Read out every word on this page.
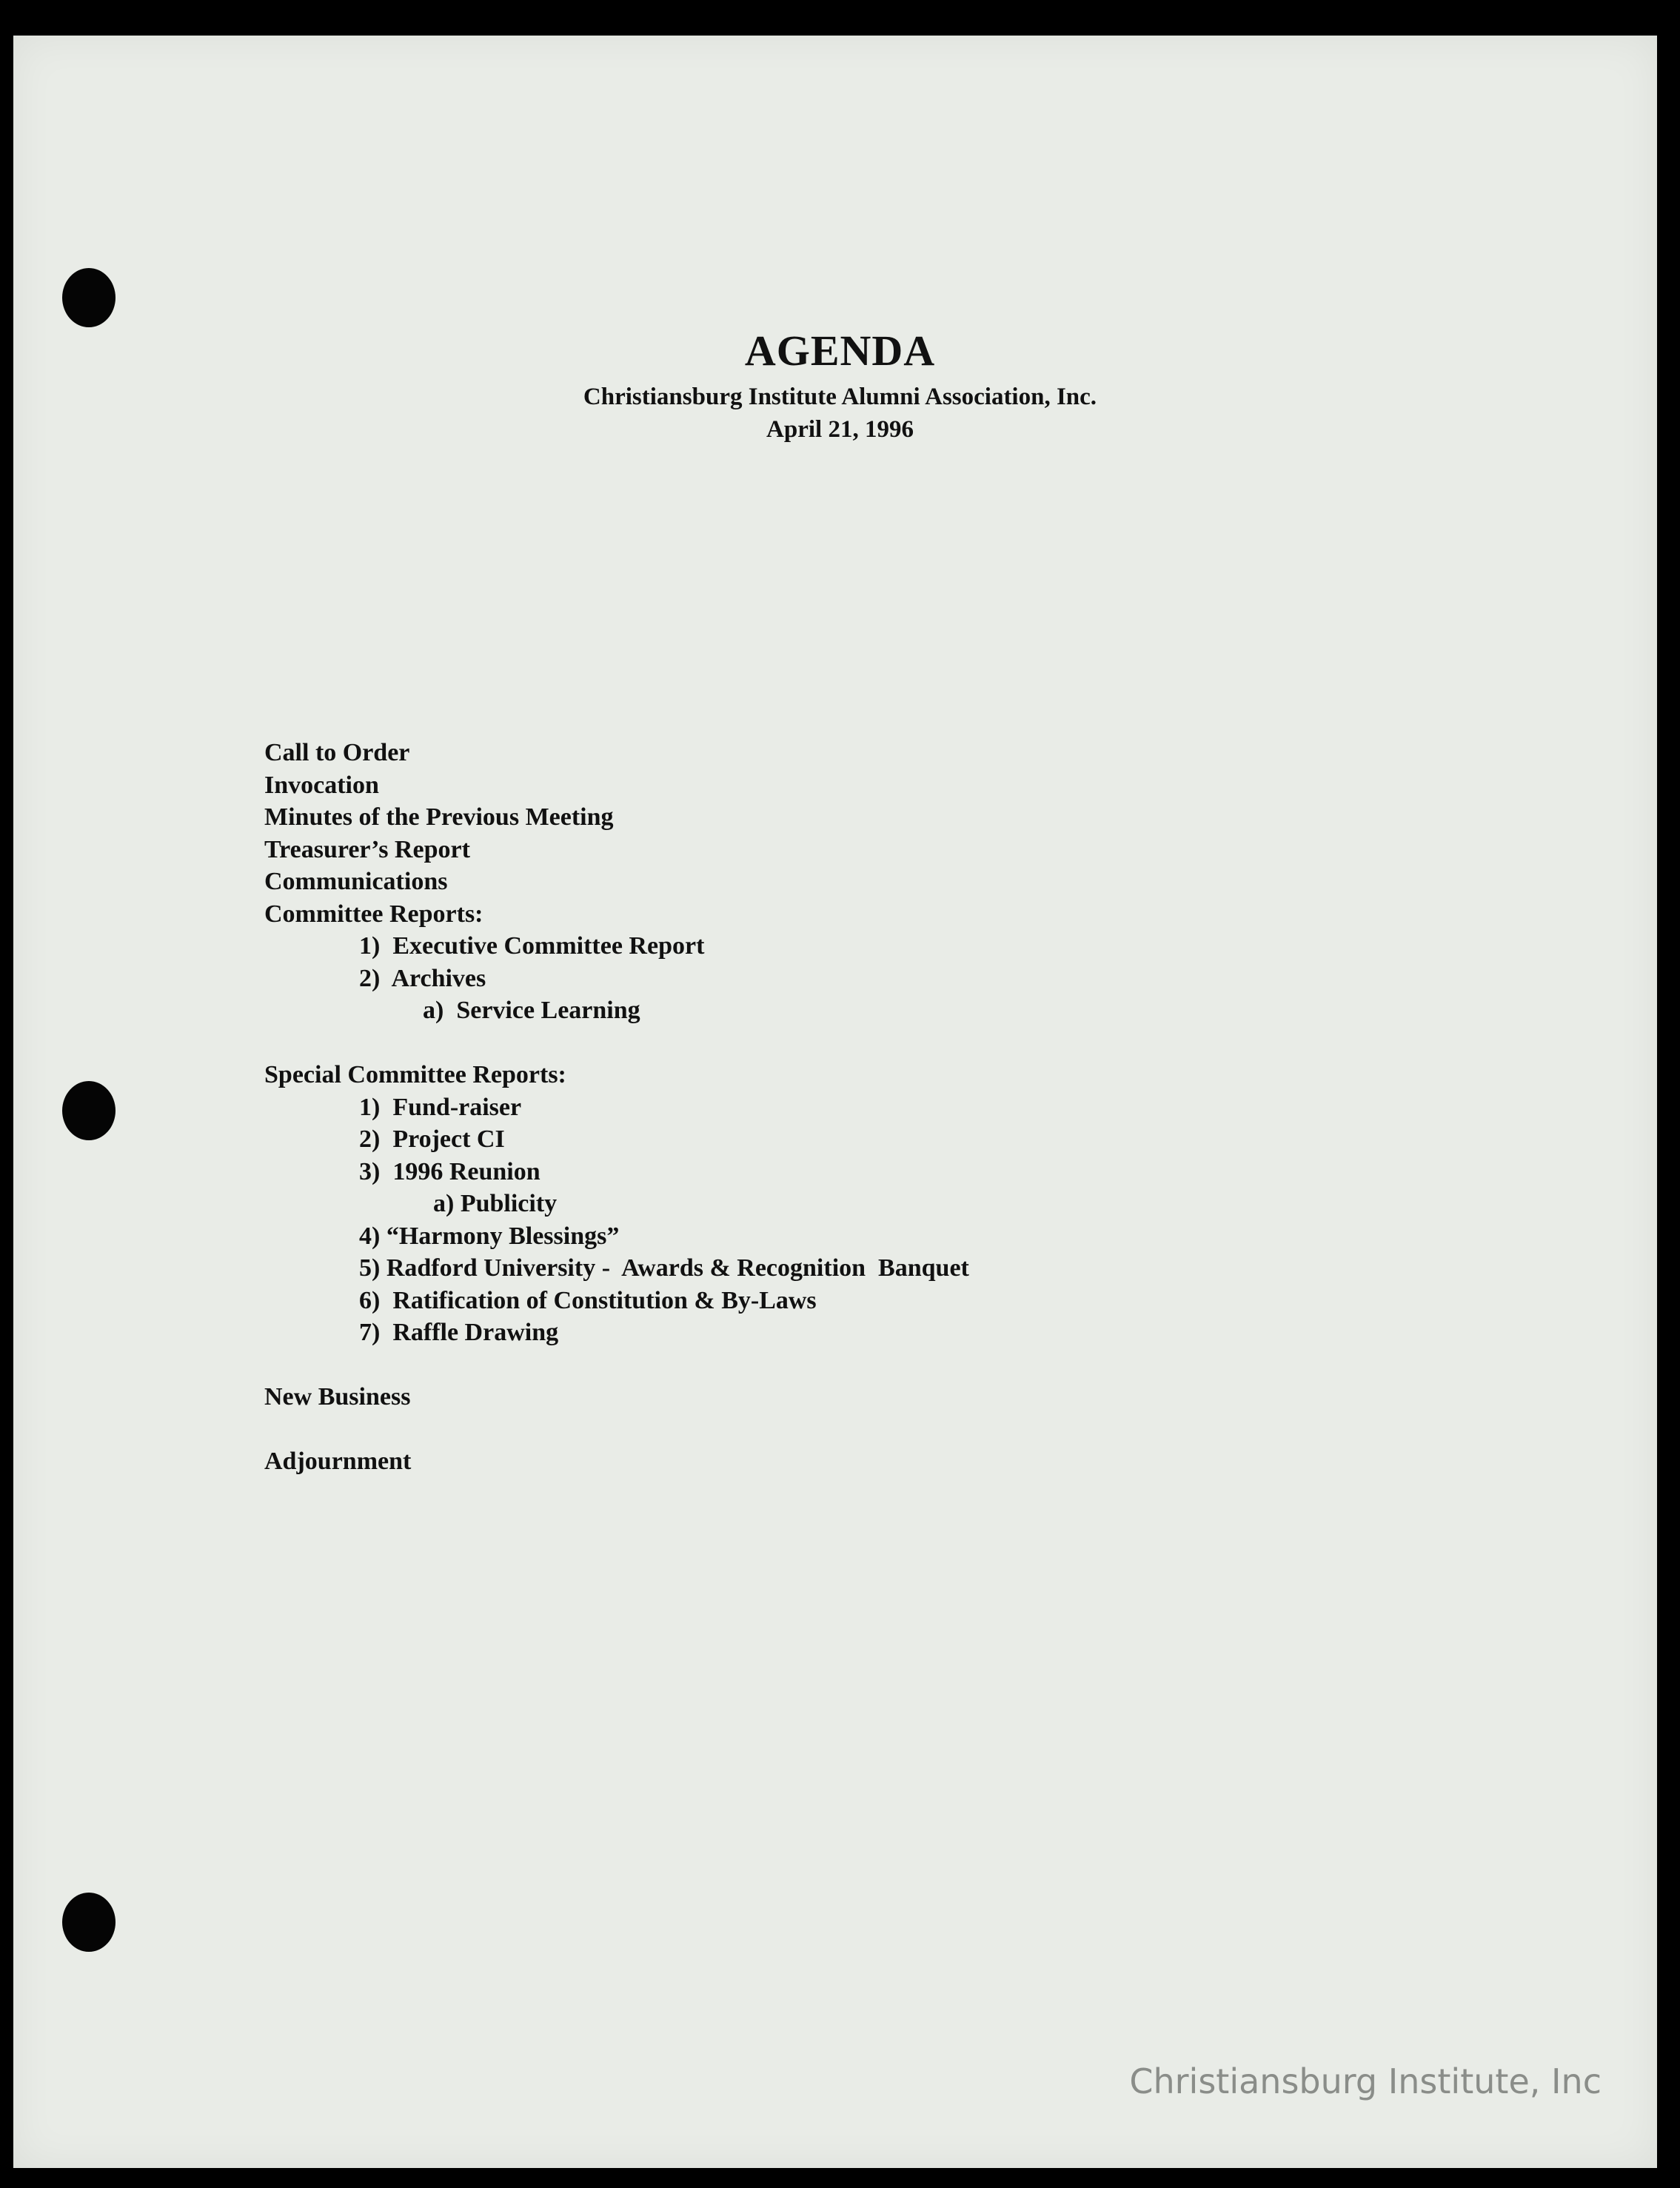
AGENDA
Christiansburg Institute Alumni Association, Inc.
April 21, 1996
Call to Order
Invocation
Minutes of the Previous Meeting
Treasurer’s Report
Communications
Committee Reports:
1)  Executive Committee Report
2)  Archives
a)  Service Learning
Special Committee Reports:
1)  Fund-raiser
2)  Project CI
3)  1996 Reunion
a) Publicity
4) “Harmony Blessings”
5) Radford University -  Awards & Recognition  Banquet
6)  Ratification of Constitution & By-Laws
7)  Raffle Drawing
New Business
Adjournment
Christiansburg Institute, Inc
